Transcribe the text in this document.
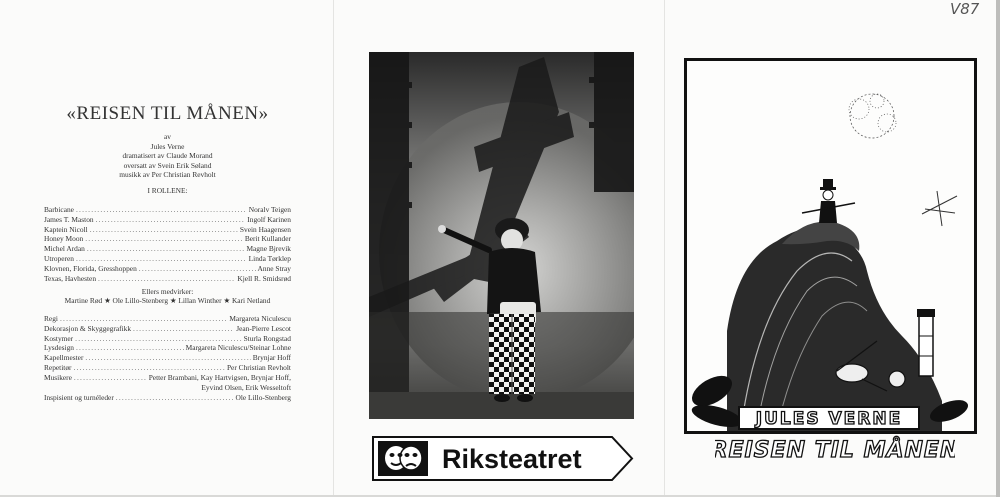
«REISEN TIL MÅNEN»
av
Jules Verne
dramatisert av Claude Morand
oversatt av Svein Erik Søland
musikk av Per Christian Revholt
I ROLLENE:
Barbicane .....	Noralv Teigen
James T. Maston .....	Ingolf Karinen
Kaptein Nicoll .....	Svein Haagensen
Honey Moon .....	Berit Kullander
Michel Ardan .....	Magne Bjrevik
Utroperen .....	Linda Tørklep
Klovnen, Florida, Gresshoppen .....	Anne Stray
Texas, Havhesten .....	Kjell R. Smidsrød
Ellers medvirker:
Martine Rød ★ Ole Lillo-Stenberg ★ Lillan Winther ★ Kari Netland
Regi .....	Margareta Niculescu
Dekorasjon & Skyggegrafikk .....	Jean-Pierre Lescot
Kostymer .....	Sturla Rongstad
Lysdesign .....	Margareta Niculescu/Steinar Lohne
Kapellmester .....	Brynjar Hoff
Repetitør .....	Per Christian Revholt
Musikere .....	Petter Brambani, Kay Hartvigsen, Brynjar Hoff,
Eyvind Olsen, Erik Wesseltoft
Inspisient og turnéleder .....	Ole Lillo-Stenberg
Riksteatret
JULES VERNE
REISEN TIL MÅNEN
V87
